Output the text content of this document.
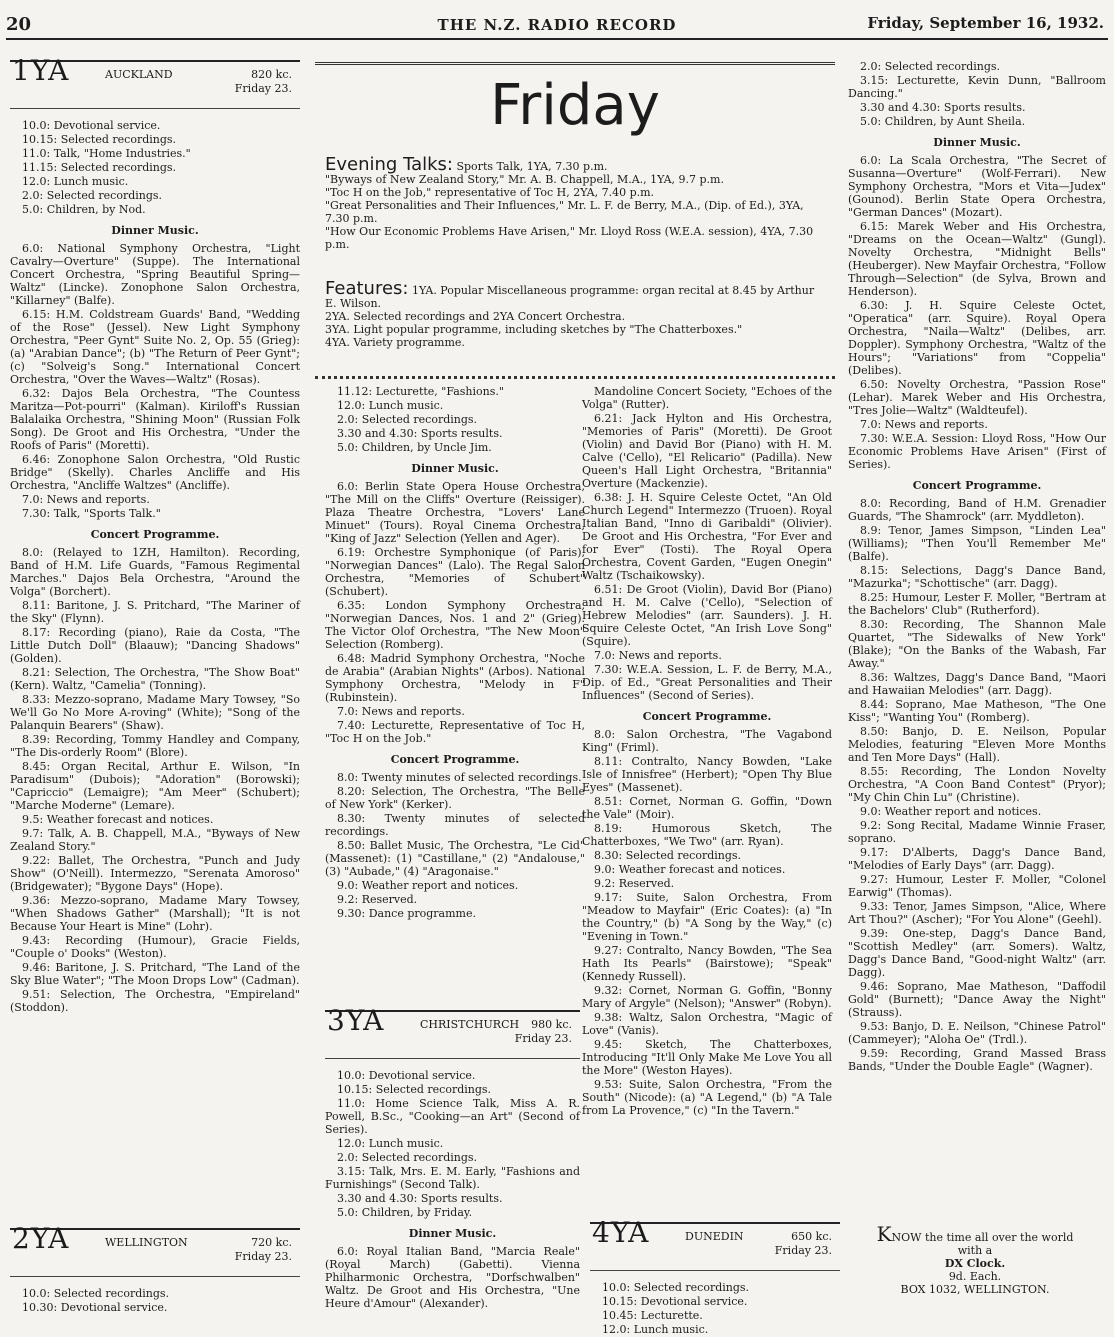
20	THE N.Z. RADIO RECORD	Friday, September 16, 1932.
1YA	AUCKLAND	820 kc.
Friday 23.
10.0: Devotional service.
10.15: Selected recordings.
11.0: Talk, "Home Industries."
11.15: Selected recordings.
12.0: Lunch music.
2.0: Selected recordings.
5.0: Children, by Nod.
Dinner Music.
6.0: National Symphony Orchestra, "Light Cavalry—Overture" (Suppe). The International Concert Orchestra, "Spring Beautiful Spring—Waltz" (Lincke). Zonophone Salon Orchestra, "Killarney" (Balfe).
6.15: H.M. Coldstream Guards' Band, "Wedding of the Rose" (Jessel). New Light Symphony Orchestra, "Peer Gynt" Suite No. 2, Op. 55 (Grieg): (a) "Arabian Dance"; (b) "The Return of Peer Gynt"; (c) "Solveig's Song." International Concert Orchestra, "Over the Waves—Waltz" (Rosas).
6.32: Dajos Bela Orchestra, "The Countess Maritza—Pot-pourri" (Kalman). Kiriloff's Russian Balalaika Orchestra, "Shining Moon" (Russian Folk Song). De Groot and His Orchestra, "Under the Roofs of Paris" (Moretti).
6.46: Zonophone Salon Orchestra, "Old Rustic Bridge" (Skelly). Charles Ancliffe and His Orchestra, "Ancliffe Waltzes" (Ancliffe).
7.0: News and reports.
7.30: Talk, "Sports Talk."
Concert Programme.
8.0: (Relayed to 1ZH, Hamilton). Recording, Band of H.M. Life Guards, "Famous Regimental Marches." Dajos Bela Orchestra, "Around the Volga" (Borchert).
8.11: Baritone, J. S. Pritchard, "The Mariner of the Sky" (Flynn).
8.17: Recording (piano), Raie da Costa, "The Little Dutch Doll" (Blaauw); "Dancing Shadows" (Golden).
8.21: Selection, The Orchestra, "The Show Boat" (Kern). Waltz, "Camelia" (Tonning).
8.33: Mezzo-soprano, Madame Mary Towsey, "So We'll Go No More A-roving" (White); "Song of the Palanquin Bearers" (Shaw).
8.39: Recording, Tommy Handley and Company, "The Dis-orderly Room" (Blore).
8.45: Organ Recital, Arthur E. Wilson, "In Paradisum" (Dubois); "Adoration" (Borowski); "Capriccio" (Lemaigre); "Am Meer" (Schubert); "Marche Moderne" (Lemare).
9.5: Weather forecast and notices.
9.7: Talk, A. B. Chappell, M.A., "Byways of New Zealand Story."
9.22: Ballet, The Orchestra, "Punch and Judy Show" (O'Neill). Intermezzo, "Serenata Amoroso" (Bridgewater); "Bygone Days" (Hope).
9.36: Mezzo-soprano, Madame Mary Towsey, "When Shadows Gather" (Marshall); "It is not Because Your Heart is Mine" (Lohr).
9.43: Recording (Humour), Gracie Fields, "Couple o' Dooks" (Weston).
9.46: Baritone, J. S. Pritchard, "The Land of the Sky Blue Water"; "The Moon Drops Low" (Cadman).
9.51: Selection, The Orchestra, "Empireland" (Stoddon).
2YA	WELLINGTON	720 kc.
Friday 23.
10.0: Selected recordings.
10.30: Devotional service.
Friday
Evening Talks: Sports Talk, 1YA, 7.30 p.m.
"Byways of New Zealand Story," Mr. A. B. Chappell, M.A., 1YA, 9.7 p.m.
"Toc H on the Job," representative of Toc H, 2YA, 7.40 p.m.
"Great Personalities and Their Influences," Mr. L. F. de Berry, M.A., (Dip. of Ed.), 3YA, 7.30 p.m.
"How Our Economic Problems Have Arisen," Mr. Lloyd Ross (W.E.A. session), 4YA, 7.30 p.m.
Features: 1YA. Popular Miscellaneous programme: organ recital at 8.45 by Arthur E. Wilson.
2YA. Selected recordings and 2YA Concert Orchestra.
3YA. Light popular programme, including sketches by "The Chatterboxes."
4YA. Variety programme.
11.12: Lecturette, "Fashions."
12.0: Lunch music.
2.0: Selected recordings.
3.30 and 4.30: Sports results.
5.0: Children, by Uncle Jim.
Dinner Music.
6.0: Berlin State Opera House Orchestra, "The Mill on the Cliffs" Overture (Reissiger). Plaza Theatre Orchestra, "Lovers' Lane Minuet" (Tours). Royal Cinema Orchestra, "King of Jazz" Selection (Yellen and Ager).
6.19: Orchestre Symphonique (of Paris), "Norwegian Dances" (Lalo). The Regal Salon Orchestra, "Memories of Schubert" (Schubert).
6.35: London Symphony Orchestra, "Norwegian Dances, Nos. 1 and 2" (Grieg). The Victor Olof Orchestra, "The New Moon" Selection (Romberg).
6.48: Madrid Symphony Orchestra, "Noche de Arabia" (Arabian Nights" (Arbos). National Symphony Orchestra, "Melody in F" (Rubinstein).
7.0: News and reports.
7.40: Lecturette, Representative of Toc H, "Toc H on the Job."
Concert Programme.
8.0: Twenty minutes of selected recordings.
8.20: Selection, The Orchestra, "The Belle of New York" (Kerker).
8.30: Twenty minutes of selected recordings.
8.50: Ballet Music, The Orchestra, "Le Cid" (Massenet): (1) "Castillane," (2) "Andalouse," (3) "Aubade," (4) "Aragonaise."
9.0: Weather report and notices.
9.2: Reserved.
9.30: Dance programme.
3YA	CHRISTCHURCH 980 kc.
Friday 23.
10.0: Devotional service.
10.15: Selected recordings.
11.0: Home Science Talk, Miss A. R. Powell, B.Sc., "Cooking—an Art" (Second of Series).
12.0: Lunch music.
2.0: Selected recordings.
3.15: Talk, Mrs. E. M. Early, "Fashions and Furnishings" (Second Talk).
3.30 and 4.30: Sports results.
5.0: Children, by Friday.
Dinner Music.
6.0: Royal Italian Band, "Marcia Reale" (Royal March) (Gabetti). Vienna Philharmonic Orchestra, "Dorfschwalben" Waltz. De Groot and His Orchestra, "Une Heure d'Amour" (Alexander).
Mandoline Concert Society, "Echoes of the Volga" (Rutter).
6.21: Jack Hylton and His Orchestra, "Memories of Paris" (Moretti). De Groot (Violin) and David Bor (Piano) with H. M. Calve ('Cello), "El Relicario" (Padilla). New Queen's Hall Light Orchestra, "Britannia" Overture (Mackenzie).
6.38: J. H. Squire Celeste Octet, "An Old Church Legend" Intermezzo (Truoen). Royal Italian Band, "Inno di Garibaldi" (Olivier). De Groot and His Orchestra, "For Ever and for Ever" (Tosti). The Royal Opera Orchestra, Covent Garden, "Eugen Onegin" Waltz (Tschaikowsky).
6.51: De Groot (Violin), David Bor (Piano) and H. M. Calve ('Cello), "Selection of Hebrew Melodies" (arr. Saunders). J. H. Squire Celeste Octet, "An Irish Love Song" (Squire).
7.0: News and reports.
7.30: W.E.A. Session, L. F. de Berry, M.A., Dip. of Ed., "Great Personalities and Their Influences" (Second of Series).
Concert Programme.
8.0: Salon Orchestra, "The Vagabond King" (Friml).
8.11: Contralto, Nancy Bowden, "Lake Isle of Innisfree" (Herbert); "Open Thy Blue Eyes" (Massenet).
8.51: Cornet, Norman G. Goffin, "Down the Vale" (Moir).
8.19: Humorous Sketch, The Chatterboxes, "We Two" (arr. Ryan).
8.30: Selected recordings.
9.0: Weather forecast and notices.
9.2: Reserved.
9.17: Suite, Salon Orchestra, From "Meadow to Mayfair" (Eric Coates): (a) "In the Country," (b) "A Song by the Way," (c) "Evening in Town."
9.27: Contralto, Nancy Bowden, "The Sea Hath Its Pearls" (Bairstowe); "Speak" (Kennedy Russell).
9.32: Cornet, Norman G. Goffin, "Bonny Mary of Argyle" (Nelson); "Answer" (Robyn).
9.38: Waltz, Salon Orchestra, "Magic of Love" (Vanis).
9.45: Sketch, The Chatterboxes, Introducing "It'll Only Make Me Love You all the More" (Weston Hayes).
9.53: Suite, Salon Orchestra, "From the South" (Nicode): (a) "A Legend," (b) "A Tale from La Provence," (c) "In the Tavern."
4YA	DUNEDIN	650 kc.
Friday 23.
10.0: Selected recordings.
10.15: Devotional service.
10.45: Lecturette.
12.0: Lunch music.
2.0: Selected recordings.
3.15: Lecturette, Kevin Dunn, "Ballroom Dancing."
3.30 and 4.30: Sports results.
5.0: Children, by Aunt Sheila.
Dinner Music.
6.0: La Scala Orchestra, "The Secret of Susanna—Overture" (Wolf-Ferrari). New Symphony Orchestra, "Mors et Vita—Judex" (Gounod). Berlin State Opera Orchestra, "German Dances" (Mozart).
6.15: Marek Weber and His Orchestra, "Dreams on the Ocean—Waltz" (Gungl). Novelty Orchestra, "Midnight Bells" (Heuberger). New Mayfair Orchestra, "Follow Through—Selection" (de Sylva, Brown and Henderson).
6.30: J. H. Squire Celeste Octet, "Operatica" (arr. Squire). Royal Opera Orchestra, "Naila—Waltz" (Delibes, arr. Doppler). Symphony Orchestra, "Waltz of the Hours"; "Variations" from "Coppelia" (Delibes).
6.50: Novelty Orchestra, "Passion Rose" (Lehar). Marek Weber and His Orchestra, "Tres Jolie—Waltz" (Waldteufel).
7.0: News and reports.
7.30: W.E.A. Session: Lloyd Ross, "How Our Economic Problems Have Arisen" (First of Series).
Concert Programme.
8.0: Recording, Band of H.M. Grenadier Guards, "The Shamrock" (arr. Myddleton).
8.9: Tenor, James Simpson, "Linden Lea" (Williams); "Then You'll Remember Me" (Balfe).
8.15: Selections, Dagg's Dance Band, "Mazurka"; "Schottische" (arr. Dagg).
8.25: Humour, Lester F. Moller, "Bertram at the Bachelors' Club" (Rutherford).
8.30: Recording, The Shannon Male Quartet, "The Sidewalks of New York" (Blake); "On the Banks of the Wabash, Far Away."
8.36: Waltzes, Dagg's Dance Band, "Maori and Hawaiian Melodies" (arr. Dagg).
8.44: Soprano, Mae Matheson, "The One Kiss"; "Wanting You" (Romberg).
8.50: Banjo, D. E. Neilson, Popular Melodies, featuring "Eleven More Months and Ten More Days" (Hall).
8.55: Recording, The London Novelty Orchestra, "A Coon Band Contest" (Pryor); "My Chin Chin Lu" (Christine).
9.0: Weather report and notices.
9.2: Song Recital, Madame Winnie Fraser, soprano.
9.17: D'Alberts, Dagg's Dance Band, "Melodies of Early Days" (arr. Dagg).
9.27: Humour, Lester F. Moller, "Colonel Earwig" (Thomas).
9.33: Tenor, James Simpson, "Alice, Where Art Thou?" (Ascher); "For You Alone" (Geehl).
9.39: One-step, Dagg's Dance Band, "Scottish Medley" (arr. Somers). Waltz, Dagg's Dance Band, "Good-night Waltz" (arr. Dagg).
9.46: Soprano, Mae Matheson, "Daffodil Gold" (Burnett); "Dance Away the Night" (Strauss).
9.53: Banjo, D. E. Neilson, "Chinese Patrol" (Cammeyer); "Aloha Oe" (Trdl.).
9.59: Recording, Grand Massed Brass Bands, "Under the Double Eagle" (Wagner).
KNOW the time all over the world
with a
DX Clock.
9d. Each.
BOX 1032, WELLINGTON.
